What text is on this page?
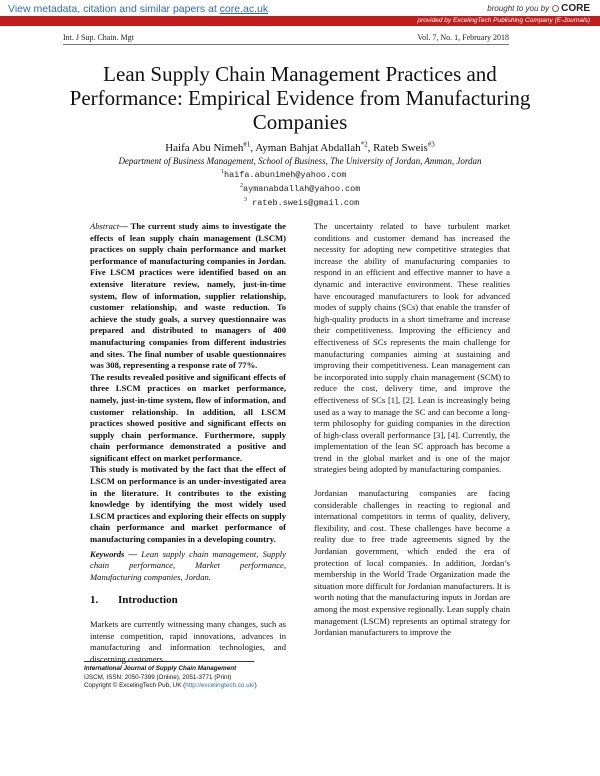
View metadata, citation and similar papers at core.ac.uk	brought to you by CORE
provided by ExcelingTech Publishing Company (E-Journals)
Int. J Sup. Chain. Mgt	Vol. 7, No. 1, February 2018
Lean Supply Chain Management Practices and Performance: Empirical Evidence from Manufacturing Companies
Haifa Abu Nimeh$^{\#1}$, Ayman Bahjat Abdallah$^{*2}$, Rateb Sweis$^{\#3}$
Department of Business Management, School of Business, The University of Jordan, Amman, Jordan
$^1$haifa.abunimeh@yahoo.com
$^2$aymanabdallah@yahoo.com
$^3$ rateb.sweis@gmail.com

Abstract— The current study aims to investigate the effects of lean supply chain management (LSCM) practices on supply chain performance and market performance of manufacturing companies in Jordan. Five LSCM practices were identified based on an extensive literature review, namely, just-in-time system, flow of information, supplier relationship, customer relationship, and waste reduction. To achieve the study goals, a survey questionnaire was prepared and distributed to managers of 400 manufacturing companies from different industries and sites. The final number of usable questionnaires was 308, representing a response rate of 77%.

The results revealed positive and significant effects of three LSCM practices on market performance, namely, just-in-time system, flow of information, and customer relationship. In addition, all LSCM practices showed positive and significant effects on supply chain performance. Furthermore, supply chain performance demonstrated a positive and significant effect on market performance.

This study is motivated by the fact that the effect of LSCM on performance is an under-investigated area in the literature. It contributes to the existing knowledge by identifying the most widely used LSCM practices and exploring their effects on supply chain performance and market performance of manufacturing companies in a developing country.

Keywords — Lean supply chain management, Supply chain performance, Market performance, Manufacturing companies, Jordan.

1.	Introduction

Markets are currently witnessing many changes, such as intense competition, rapid innovations, advances in manufacturing and information technologies, and discerning customers.

The uncertainty related to have turbulent market conditions and customer demand has increased the necessity for adopting new competitive strategies that increase the ability of manufacturing companies to respond in an efficient and effective manner to have a dynamic and interactive environment. These realities have encouraged manufacturers to look for advanced modes of supply chains (SCs) that enable the transfer of high-quality products in a short timeframe and increase their competitiveness. Improving the efficiency and effectiveness of SCs represents the main challenge for manufacturing companies aiming at sustaining and improving their competitiveness. Lean management can be incorporated into supply chain management (SCM) to reduce the cost, delivery time, and improve the effectiveness of SCs [1], [2]. Lean is increasingly being used as a way to manage the SC and can become a long-term philosophy for guiding companies in the direction of high-class overall performance [3], [4]. Currently, the implementation of the lean SC approach has become a trend in the global market and is one of the major strategies being adopted by manufacturing companies.

Jordanian manufacturing companies are facing considerable challenges in reacting to regional and international competitors in terms of quality, delivery, flexibility, and cost. These challenges have become a reality due to free trade agreements signed by the Jordanian government, which ended the era of protection of local companies. In addition, Jordan’s membership in the World Trade Organization made the situation more difficult for Jordanian manufacturers. It is worth noting that the manufacturing inputs in Jordan are among the most expensive regionally. Lean supply chain management (LSCM) represents an optimal strategy for Jordanian manufacturers to improve the

International Journal of Supply Chain Management
IJSCM, ISSN: 2050-7399 (Online), 2051-3771 (Print)
Copyright © ExcelingTech Pub, UK (http://excelingtech.co.uk/)
